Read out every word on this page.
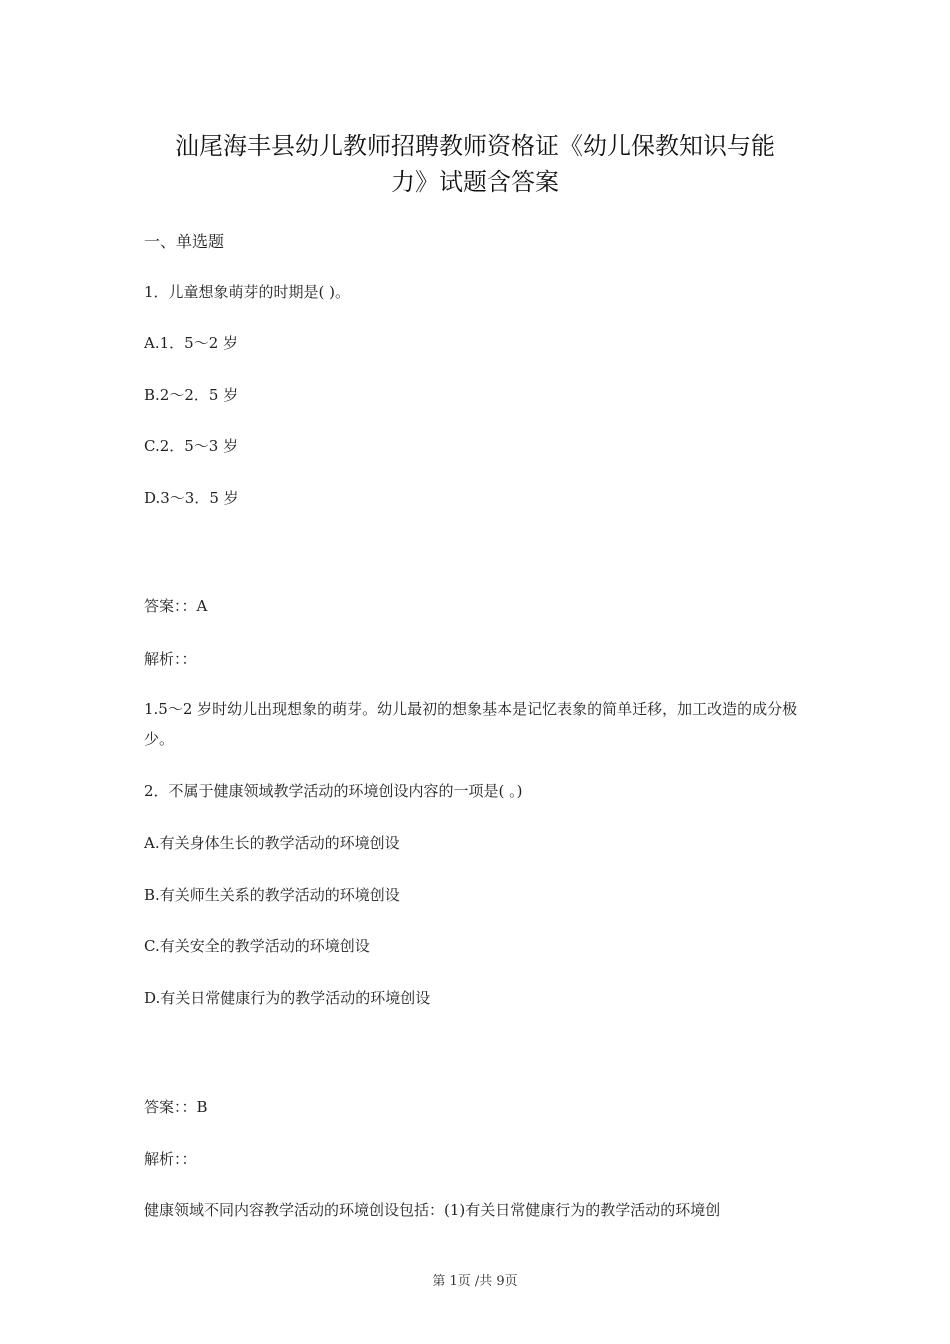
汕尾海丰县幼儿教师招聘教师资格证《幼儿保教知识与能
力》试题含答案
一、单选题
1．儿童想象萌芽的时期是( )。
A.1．5～2 岁
B.2～2．5 岁
C.2．5～3 岁
D.3～3．5 岁
答案：：A
解析：：
1.5～2 岁时幼儿出现想象的萌芽。幼儿最初的想象基本是记忆表象的简单迁移，加工改造的成分极少。
2．不属于健康领域教学活动的环境创设内容的一项是( 。)
A.有关身体生长的教学活动的环境创设
B.有关师生关系的教学活动的环境创设
C.有关安全的教学活动的环境创设
D.有关日常健康行为的教学活动的环境创设
答案：：B
解析：：
健康领域不同内容教学活动的环境创设包括：(1)有关日常健康行为的教学活动的环境创
第 1页 /共 9页
